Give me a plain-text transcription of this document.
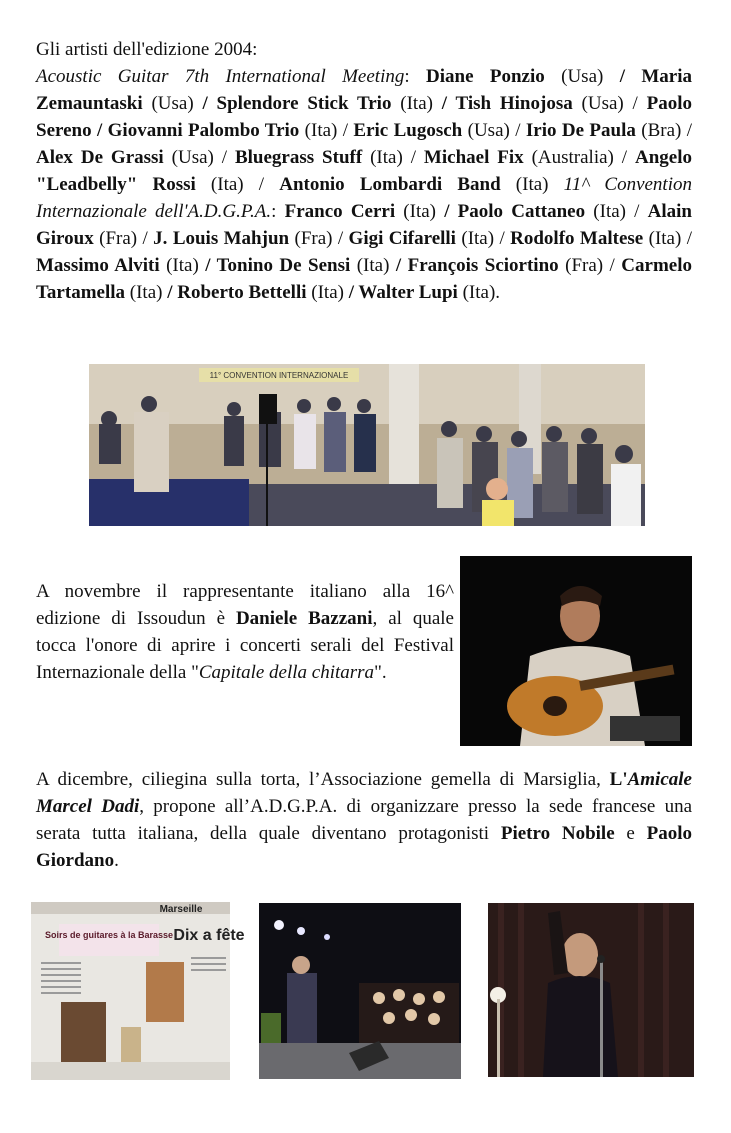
Gli artisti dell'edizione 2004:
Acoustic Guitar 7th International Meeting: Diane Ponzio (Usa) / Maria Zemauntaski (Usa) / Splendore Stick Trio (Ita) / Tish Hinojosa (Usa) / Paolo Sereno / Giovanni Palombo Trio (Ita) / Eric Lugosch (Usa) / Irio De Paula (Bra) / Alex De Grassi (Usa) / Bluegrass Stuff (Ita) / Michael Fix (Australia) / Angelo "Leadbelly" Rossi (Ita) / Antonio Lombardi Band (Ita) 11^ Convention Internazionale dell'A.D.G.P.A.: Franco Cerri (Ita) / Paolo Cattaneo (Ita) / Alain Giroux (Fra) / J. Louis Mahjun (Fra) / Gigi Cifarelli (Ita) / Rodolfo Maltese (Ita) / Massimo Alviti (Ita) / Tonino De Sensi (Ita) / François Sciortino (Fra) / Carmelo Tartamella (Ita) / Roberto Bettelli (Ita) / Walter Lupi (Ita).
11° CONVENTION INTERNAZIONALE
A novembre il rappresentante italiano alla 16^ edizione di Issoudun è Daniele Bazzani, al quale tocca l'onore di aprire i concerti serali del Festival Internazionale della "Capitale della chitarra".
A dicembre, ciliegina sulla torta, l’Associazione gemella di Marsiglia, L'Amicale Marcel Dadi, propone all’A.D.G.P.A. di organizzare presso la sede francese una serata tutta italiana, della quale diventano protagonisti Pietro Nobile e Paolo Giordano.
Marseille
Soirs de guitares à la Barasse Dix a fête
